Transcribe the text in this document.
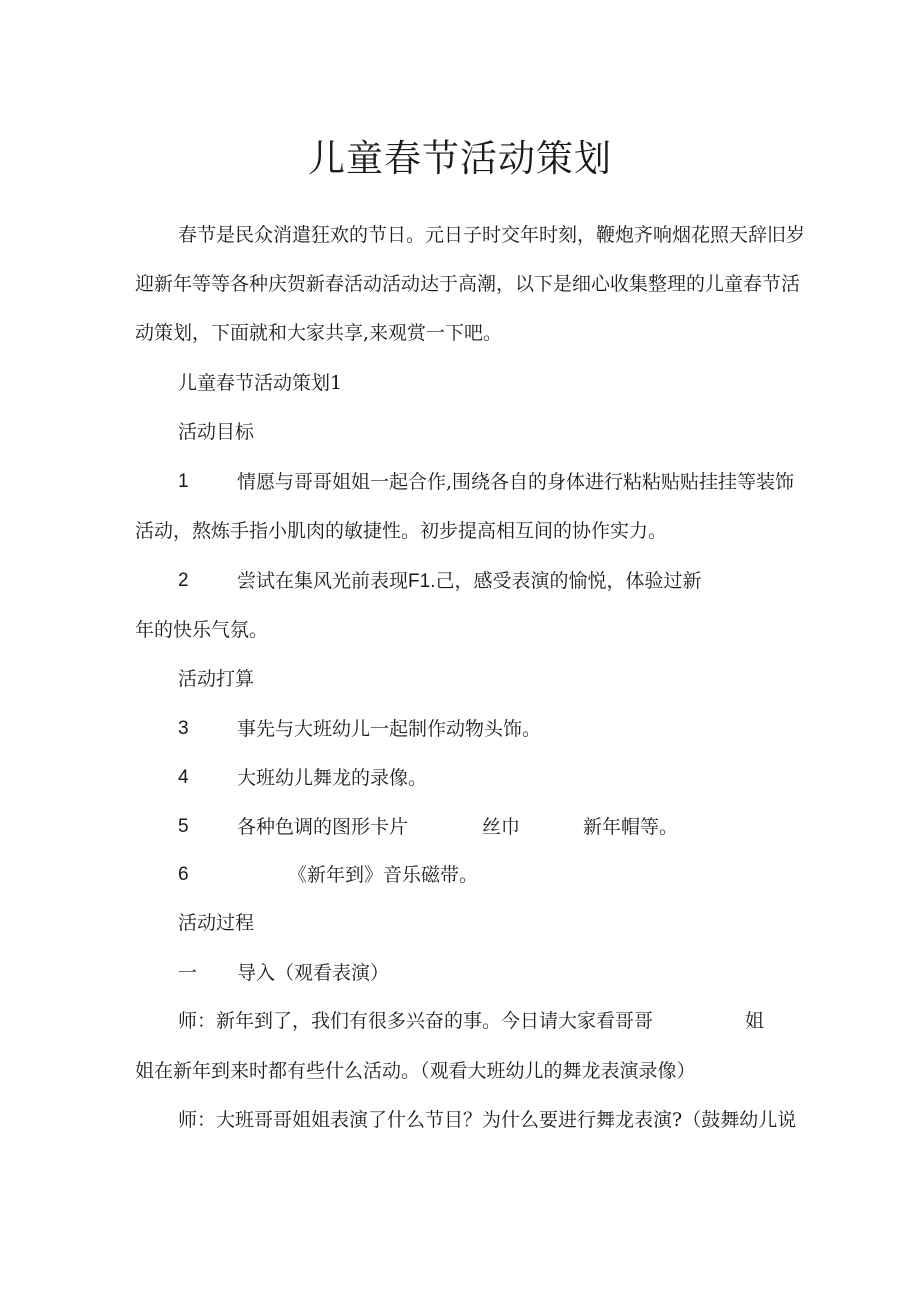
儿童春节活动策划
春节是民众消遣狂欢的节日。元日子时交年时刻，鞭炮齐响烟花照天辞旧岁
迎新年等等各种庆贺新春活动活动达于高潮，以下是细心收集整理的儿童春节活
动策划，下面就和大家共享,来观赏一下吧。
儿童春节活动策划1
活动目标
1	情愿与哥哥姐姐一起合作,围绕各自的身体进行粘粘贴贴挂挂等装饰
活动，熬炼手指小肌肉的敏捷性。初步提高相互间的协作实力。
2	尝试在集风光前表现F1.己，感受表演的愉悦，体验过新
年的快乐气氛。
活动打算
3	事先与大班幼儿一起制作动物头饰。
4	大班幼儿舞龙的录像。
5	各种色调的图形卡片	丝巾	新年帽等。
6	《新年到》音乐磁带。
活动过程
一 导入（观看表演）
师：新年到了，我们有很多兴奋的事。今日请大家看哥哥	姐
姐在新年到来时都有些什么活动。（观看大班幼儿的舞龙表演录像）
师：大班哥哥姐姐表演了什么节目？为什么要进行舞龙表演?（鼓舞幼儿说
